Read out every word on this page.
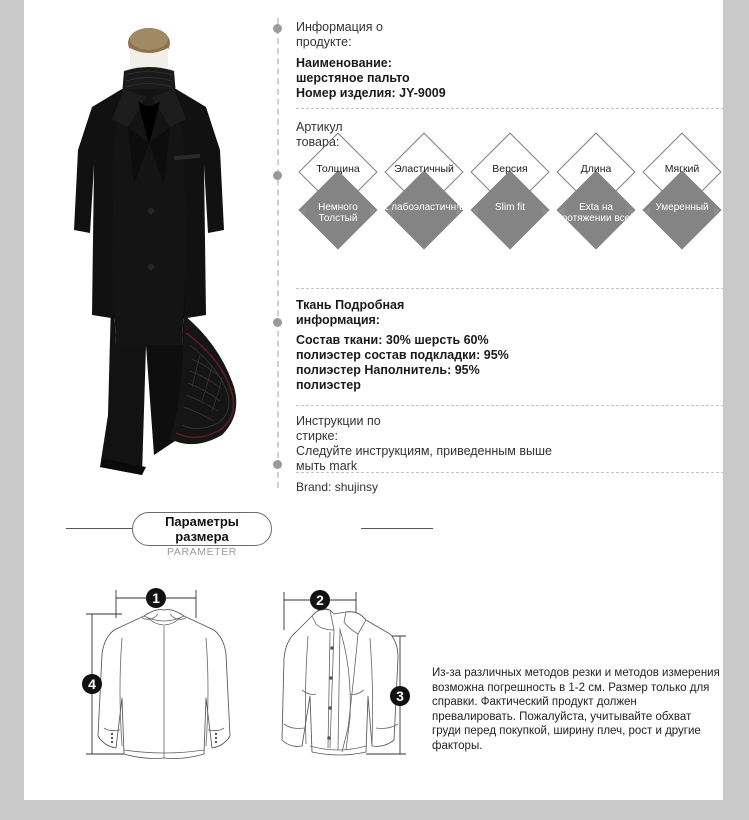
Информация о
продукте:
Наименование:
шерстяное пальто
Номер изделия: JY-9009
Артикул
товара:
Толщина
Немного Толстый
Эластичный
Слабоэластичная
Версия
Slim fit
Длина
Exta на протяжении всей
Мягкий
Умеренный
Ткань Подробная
информация:
Состав ткани: 30% шерсть 60% полиэстер состав подкладки: 95% полиэстер Наполнитель: 95% полиэстер
Инструкции по
стирке:
Следуйте инструкциям, приведенным выше мыть mark
Brand: shujinsy
Параметры
размера
PARAMETER
1
4
2
3
Из-за различных методов резки и методов измерения возможна погрешность в 1-2 см. Размер только для справки. Фактический продукт должен превалировать. Пожалуйста, учитывайте обхват груди перед покупкой, ширину плеч, рост и другие факторы.
